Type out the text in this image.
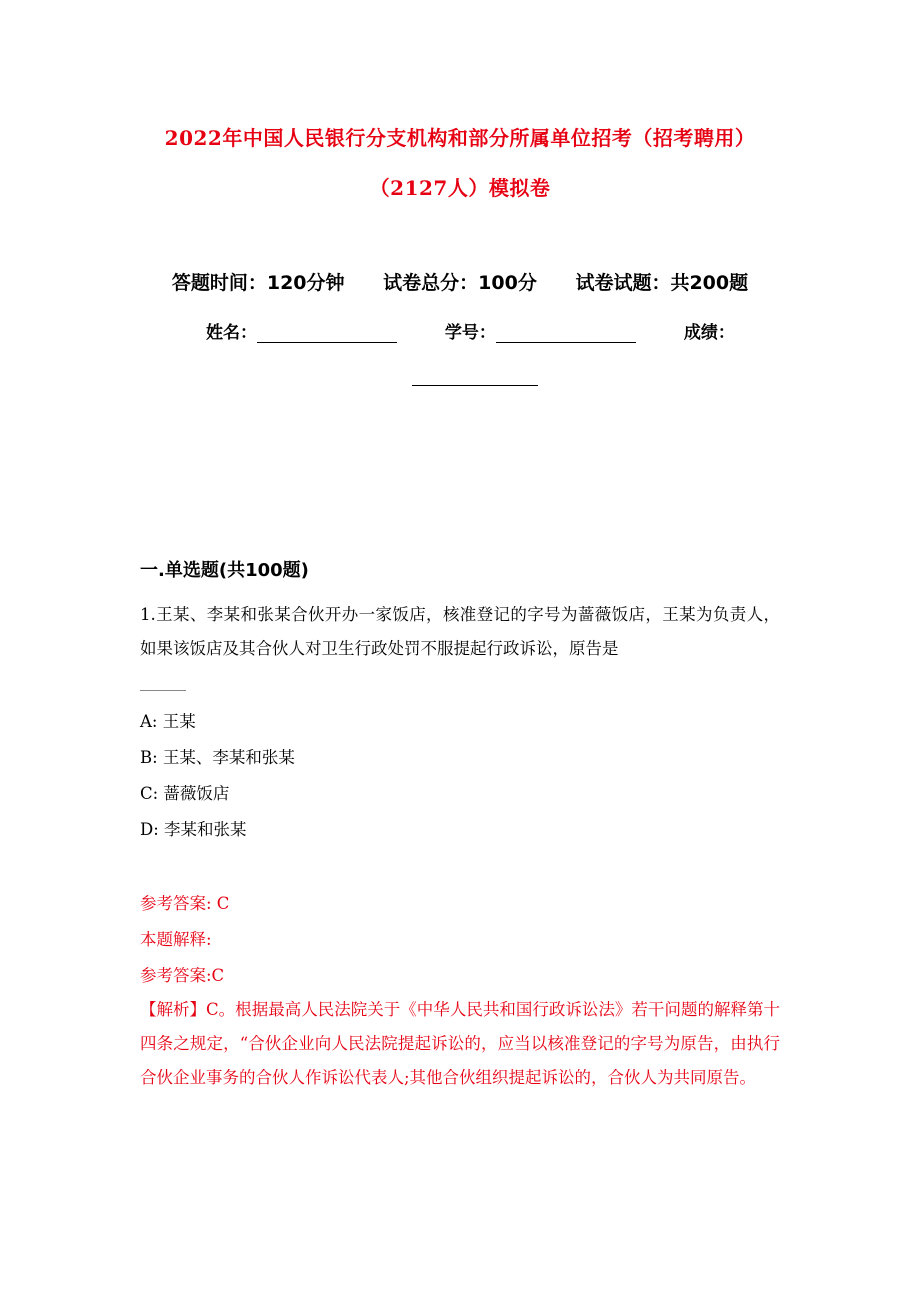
2022年中国人民银行分支机构和部分所属单位招考（招考聘用）
（2127人）模拟卷
答题时间：120分钟 试卷总分：100分 试卷试题：共200题
姓名：	学号：	成绩：
一.单选题(共100题)
1.王某、李某和张某合伙开办一家饭店，核准登记的字号为蔷薇饭店，王某为负责人，如果该饭店及其合伙人对卫生行政处罚不服提起行政诉讼，原告是
A: 王某
B: 王某、李某和张某
C: 蔷薇饭店
D: 李某和张某
参考答案: C
本题解释:
参考答案:C
【解析】C。根据最高人民法院关于《中华人民共和国行政诉讼法》若干问题的解释第十四条之规定，“合伙企业向人民法院提起诉讼的，应当以核准登记的字号为原告，由执行合伙企业事务的合伙人作诉讼代表人;其他合伙组织提起诉讼的，合伙人为共同原告。
